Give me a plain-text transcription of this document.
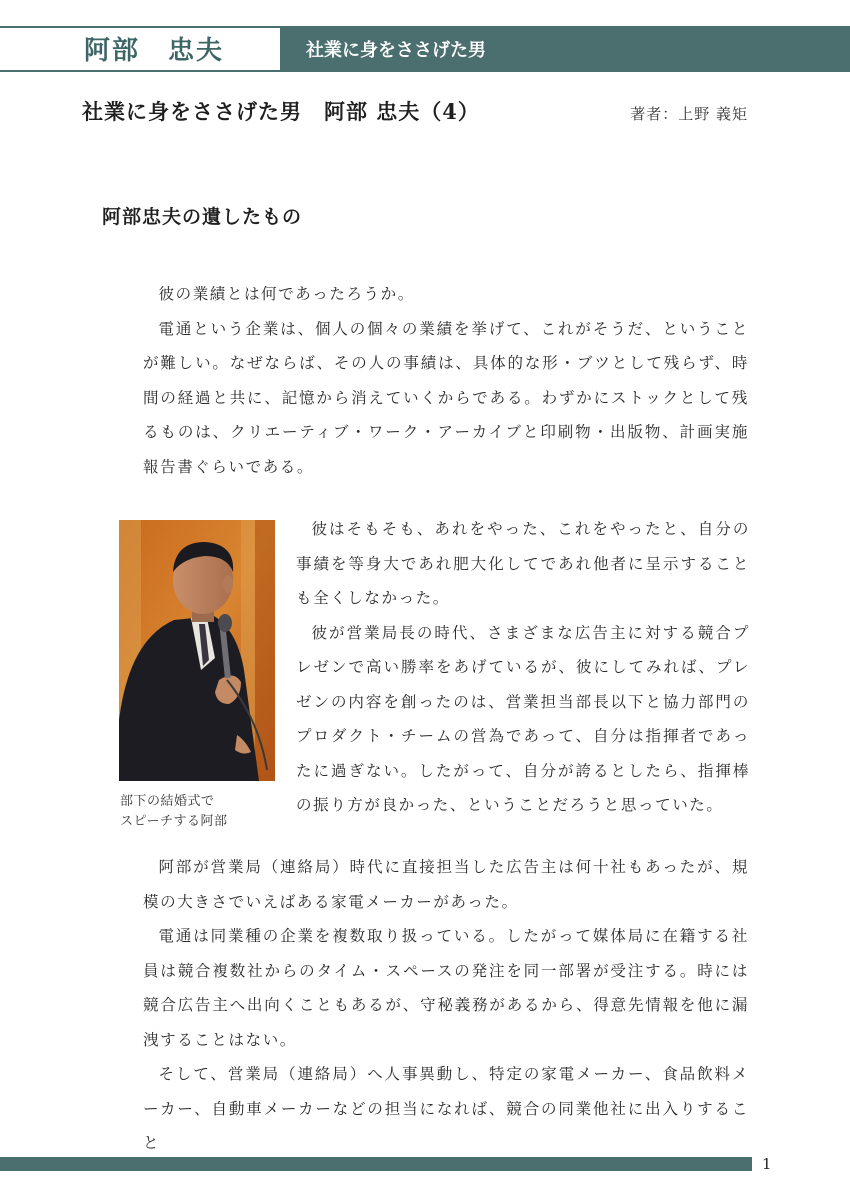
阿部　忠夫	社業に身をささげた男
社業に身をささげた男　阿部 忠夫（4）	著者：上野 義矩
阿部忠夫の遺したもの

彼の業績とは何であったろうか。

電通という企業は、個人の個々の業績を挙げて、これがそうだ、ということが難しい。なぜならば、その人の事績は、具体的な形・ブツとして残らず、時間の経過と共に、記憶から消えていくからである。わずかにストックとして残るものは、クリエーティブ・ワーク・アーカイブと印刷物・出版物、計画実施報告書ぐらいである。

部下の結婚式で
スピーチする阿部

彼はそもそも、あれをやった、これをやったと、自分の事績を等身大であれ肥大化してであれ他者に呈示することも全くしなかった。

彼が営業局長の時代、さまざまな広告主に対する競合プレゼンで高い勝率をあげているが、彼にしてみれば、プレゼンの内容を創ったのは、営業担当部長以下と協力部門のプロダクト・チームの営為であって、自分は指揮者であったに過ぎない。したがって、自分が誇るとしたら、指揮棒の振り方が良かった、ということだろうと思っていた。

阿部が営業局（連絡局）時代に直接担当した広告主は何十社もあったが、規模の大きさでいえばある家電メーカーがあった。

電通は同業種の企業を複数取り扱っている。したがって媒体局に在籍する社員は競合複数社からのタイム・スペースの発注を同一部署が受注する。時には競合広告主へ出向くこともあるが、守秘義務があるから、得意先情報を他に漏洩することはない。

そして、営業局（連絡局）へ人事異動し、特定の家電メーカー、食品飲料メーカー、自動車メーカーなどの担当になれば、競合の同業他社に出入りすること

1
